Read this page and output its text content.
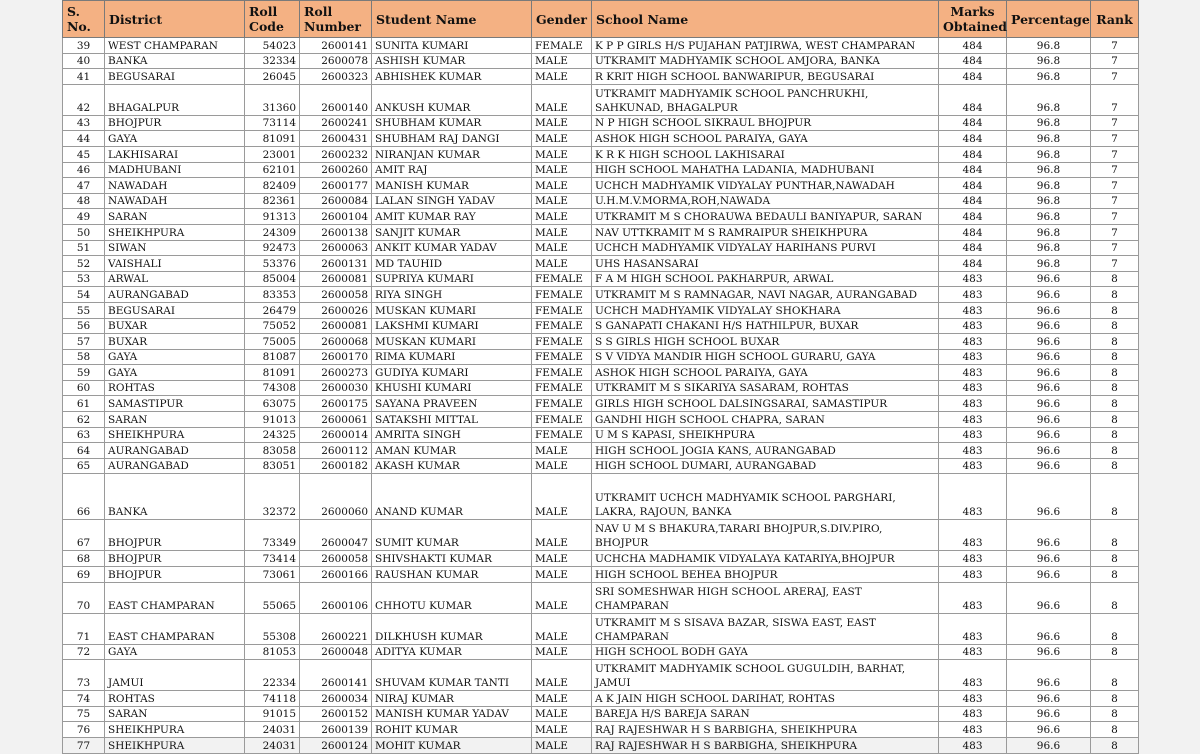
S. No.	District	Roll Code	Roll Number	Student Name	Gender	School Name	Marks Obtained	Percentage	Rank
39	WEST CHAMPARAN	54023	2600141	SUNITA KUMARI	FEMALE	K P P GIRLS H/S PUJAHAN PATJIRWA, WEST CHAMPARAN	484	96.8	7
40	BANKA	32334	2600078	ASHISH KUMAR	MALE	UTKRAMIT MADHYAMIK SCHOOL AMJORA, BANKA	484	96.8	7
41	BEGUSARAI	26045	2600323	ABHISHEK KUMAR	MALE	R KRIT HIGH SCHOOL BANWARIPUR, BEGUSARAI	484	96.8	7
42	BHAGALPUR	31360	2600140	ANKUSH KUMAR	MALE	UTKRAMIT MADHYAMIK SCHOOL PANCHRUKHI, SAHKUNAD, BHAGALPUR	484	96.8	7
43	BHOJPUR	73114	2600241	SHUBHAM KUMAR	MALE	N P HIGH SCHOOL SIKRAUL BHOJPUR	484	96.8	7
44	GAYA	81091	2600431	SHUBHAM RAJ DANGI	MALE	ASHOK HIGH SCHOOL PARAIYA, GAYA	484	96.8	7
45	LAKHISARAI	23001	2600232	NIRANJAN KUMAR	MALE	K R K HIGH SCHOOL LAKHISARAI	484	96.8	7
46	MADHUBANI	62101	2600260	AMIT RAJ	MALE	HIGH SCHOOL MAHATHA LADANIA, MADHUBANI	484	96.8	7
47	NAWADAH	82409	2600177	MANISH KUMAR	MALE	UCHCH MADHYAMIK VIDYALAY PUNTHAR,NAWADAH	484	96.8	7
48	NAWADAH	82361	2600084	LALAN SINGH YADAV	MALE	U.H.M.V.MORMA,ROH,NAWADA	484	96.8	7
49	SARAN	91313	2600104	AMIT KUMAR RAY	MALE	UTKRAMIT M S CHORAUWA BEDAULI BANIYAPUR, SARAN	484	96.8	7
50	SHEIKHPURA	24309	2600138	SANJIT KUMAR	MALE	NAV UTTKRAMIT M S RAMRAIPUR SHEIKHPURA	484	96.8	7
51	SIWAN	92473	2600063	ANKIT KUMAR YADAV	MALE	UCHCH MADHYAMIK VIDYALAY HARIHANS PURVI	484	96.8	7
52	VAISHALI	53376	2600131	MD TAUHID	MALE	UHS HASANSARAI	484	96.8	7
53	ARWAL	85004	2600081	SUPRIYA KUMARI	FEMALE	F A M HIGH SCHOOL PAKHARPUR, ARWAL	483	96.6	8
54	AURANGABAD	83353	2600058	RIYA SINGH	FEMALE	UTKRAMIT M S RAMNAGAR, NAVI NAGAR, AURANGABAD	483	96.6	8
55	BEGUSARAI	26479	2600026	MUSKAN KUMARI	FEMALE	UCHCH MADHYAMIK VIDYALAY SHOKHARA	483	96.6	8
56	BUXAR	75052	2600081	LAKSHMI KUMARI	FEMALE	S GANAPATI CHAKANI H/S HATHILPUR, BUXAR	483	96.6	8
57	BUXAR	75005	2600068	MUSKAN KUMARI	FEMALE	S S GIRLS HIGH SCHOOL BUXAR	483	96.6	8
58	GAYA	81087	2600170	RIMA KUMARI	FEMALE	S V VIDYA MANDIR HIGH SCHOOL GURARU, GAYA	483	96.6	8
59	GAYA	81091	2600273	GUDIYA KUMARI	FEMALE	ASHOK HIGH SCHOOL PARAIYA, GAYA	483	96.6	8
60	ROHTAS	74308	2600030	KHUSHI KUMARI	FEMALE	UTKRAMIT M S SIKARIYA SASARAM, ROHTAS	483	96.6	8
61	SAMASTIPUR	63075	2600175	SAYANA PRAVEEN	FEMALE	GIRLS HIGH SCHOOL DALSINGSARAI, SAMASTIPUR	483	96.6	8
62	SARAN	91013	2600061	SATAKSHI MITTAL	FEMALE	GANDHI HIGH SCHOOL CHAPRA, SARAN	483	96.6	8
63	SHEIKHPURA	24325	2600014	AMRITA SINGH	FEMALE	U M S KAPASI, SHEIKHPURA	483	96.6	8
64	AURANGABAD	83058	2600112	AMAN KUMAR	MALE	HIGH SCHOOL JOGIA KANS, AURANGABAD	483	96.6	8
65	AURANGABAD	83051	2600182	AKASH KUMAR	MALE	HIGH SCHOOL DUMARI, AURANGABAD	483	96.6	8
66	BANKA	32372	2600060	ANAND KUMAR	MALE	UTKRAMIT UCHCH MADHYAMIK SCHOOL PARGHARI, LAKRA, RAJOUN, BANKA	483	96.6	8
67	BHOJPUR	73349	2600047	SUMIT KUMAR	MALE	NAV U M S BHAKURA,TARARI BHOJPUR,S.DIV.PIRO, BHOJPUR	483	96.6	8
68	BHOJPUR	73414	2600058	SHIVSHAKTI KUMAR	MALE	UCHCHA MADHAMIK VIDYALAYA KATARIYA,BHOJPUR	483	96.6	8
69	BHOJPUR	73061	2600166	RAUSHAN KUMAR	MALE	HIGH SCHOOL BEHEA BHOJPUR	483	96.6	8
70	EAST CHAMPARAN	55065	2600106	CHHOTU KUMAR	MALE	SRI SOMESHWAR HIGH SCHOOL ARERAJ, EAST CHAMPARAN	483	96.6	8
71	EAST CHAMPARAN	55308	2600221	DILKHUSH KUMAR	MALE	UTKRAMIT M S SISAVA BAZAR, SISWA EAST, EAST CHAMPARAN	483	96.6	8
72	GAYA	81053	2600048	ADITYA KUMAR	MALE	HIGH SCHOOL BODH GAYA	483	96.6	8
73	JAMUI	22334	2600141	SHUVAM KUMAR TANTI	MALE	UTKRAMIT MADHYAMIK SCHOOL GUGULDIH, BARHAT, JAMUI	483	96.6	8
74	ROHTAS	74118	2600034	NIRAJ KUMAR	MALE	A K JAIN HIGH SCHOOL DARIHAT, ROHTAS	483	96.6	8
75	SARAN	91015	2600152	MANISH KUMAR YADAV	MALE	BAREJA H/S BAREJA SARAN	483	96.6	8
76	SHEIKHPURA	24031	2600139	ROHIT KUMAR	MALE	RAJ RAJESHWAR H S BARBIGHA, SHEIKHPURA	483	96.6	8
77	SHEIKHPURA	24031	2600124	MOHIT KUMAR	MALE	RAJ RAJESHWAR H S BARBIGHA, SHEIKHPURA	483	96.6	8
